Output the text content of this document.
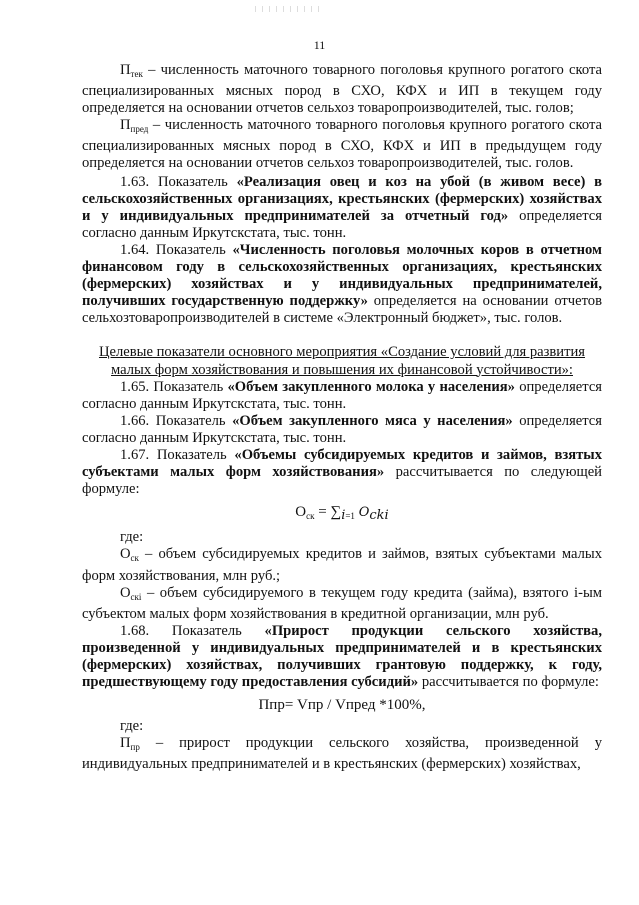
11

$П_{тек}$ – численность маточного товарного поголовья крупного рогатого скота специализированных мясных пород в СХО, КФХ и ИП в текущем году определяется на основании отчетов сельхоз товаропроизводителей, тыс. голов;

$П_{пред}$ – численность маточного товарного поголовья крупного рогатого скота специализированных мясных пород в СХО, КФХ и ИП в предыдущем году определяется на основании отчетов сельхоз товаропроизводителей, тыс. голов.

1.63. Показатель «Реализация овец и коз на убой (в живом весе) в сельскохозяйственных организациях, крестьянских (фермерских) хозяйствах и у индивидуальных предпринимателей за отчетный год» определяется согласно данным Иркутскстата, тыс. тонн.

1.64. Показатель «Численность поголовья молочных коров в отчетном финансовом году в сельскохозяйственных организациях, крестьянских (фермерских) хозяйствах и у индивидуальных предпринимателей, получивших государственную поддержку» определяется на основании отчетов сельхозтоваропроизводителей в системе «Электронный бюджет», тыс. голов.

Целевые показатели основного мероприятия «Создание условий для развития малых форм хозяйствования и повышения их финансовой устойчивости»:

1.65. Показатель «Объем закупленного молока у населения» определяется согласно данным Иркутскстата, тыс. тонн.

1.66. Показатель «Объем закупленного мяса у населения» определяется согласно данным Иркутскстата, тыс. тонн.

1.67. Показатель «Объемы субсидируемых кредитов и займов, взятых субъектами малых форм хозяйствования» рассчитывается по следующей формуле:

$О_{ск} = \sum_{i=1}$ Ocki

где:

$О_{ск}$ – объем субсидируемых кредитов и займов, взятых субъектами малых форм хозяйствования, млн руб.;

$О_{скi}$ – объем субсидируемого в текущем году кредита (займа), взятого i-ым субъектом малых форм хозяйствования в кредитной организации, млн руб.

1.68. Показатель «Прирост продукции сельского хозяйства, произведенной у индивидуальных предпринимателей и в крестьянских (фермерских) хозяйствах, получивших грантовую поддержку, к году, предшествующему году предоставления субсидий» рассчитывается по формуле:

Ппр= Vпр / Vпред *100%,

где:

$П_{пр}$ – прирост продукции сельского хозяйства, произведенной у индивидуальных предпринимателей и в крестьянских (фермерских) хозяйствах,
